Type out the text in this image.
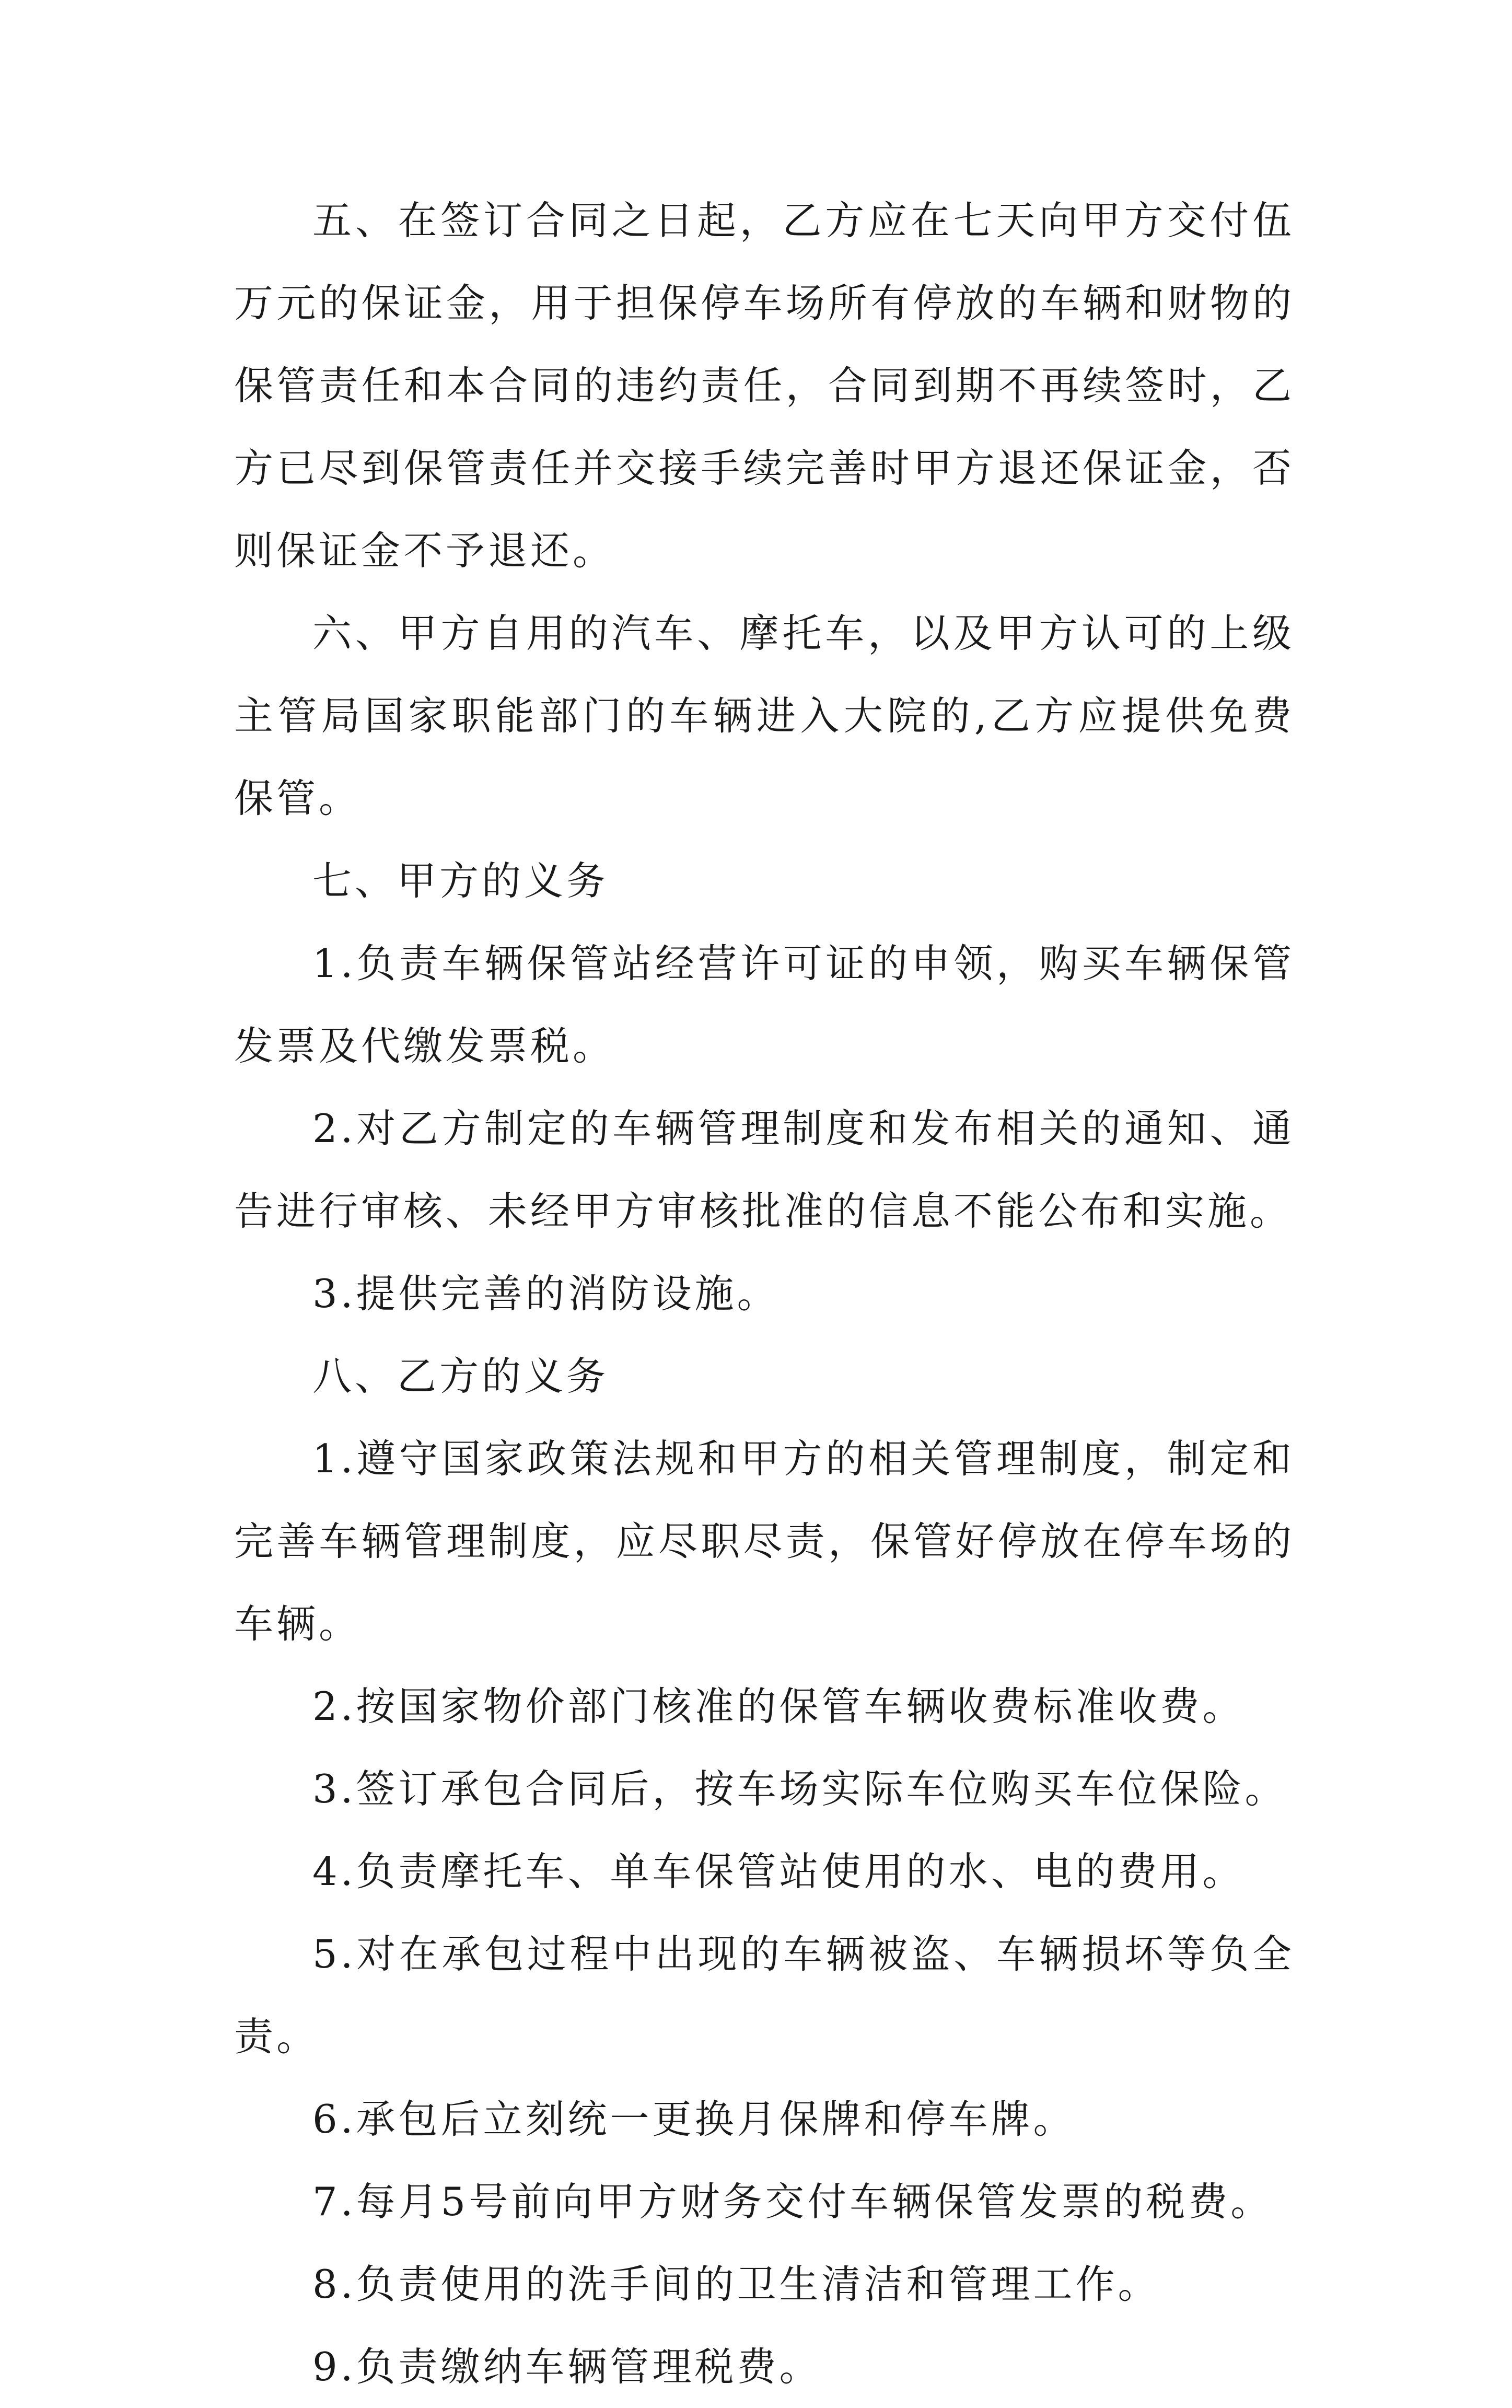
五、在签订合同之日起，乙方应在七天向甲方交付伍万元的保证金，用于担保停车场所有停放的车辆和财物的保管责任和本合同的违约责任，合同到期不再续签时，乙方已尽到保管责任并交接手续完善时甲方退还保证金，否则保证金不予退还。

六、甲方自用的汽车、摩托车，以及甲方认可的上级主管局国家职能部门的车辆进入大院的,乙方应提供免费保管。

七、甲方的义务

1.负责车辆保管站经营许可证的申领，购买车辆保管发票及代缴发票税。

2.对乙方制定的车辆管理制度和发布相关的通知、通告进行审核、未经甲方审核批准的信息不能公布和实施。

3.提供完善的消防设施。

八、乙方的义务

1.遵守国家政策法规和甲方的相关管理制度，制定和完善车辆管理制度，应尽职尽责，保管好停放在停车场的车辆。

2.按国家物价部门核准的保管车辆收费标准收费。

3.签订承包合同后，按车场实际车位购买车位保险。

4.负责摩托车、单车保管站使用的水、电的费用。

5.对在承包过程中出现的车辆被盗、车辆损坏等负全责。

6.承包后立刻统一更换月保牌和停车牌。

7.每月5号前向甲方财务交付车辆保管发票的税费。

8.负责使用的洗手间的卫生清洁和管理工作。

9.负责缴纳车辆管理税费。
